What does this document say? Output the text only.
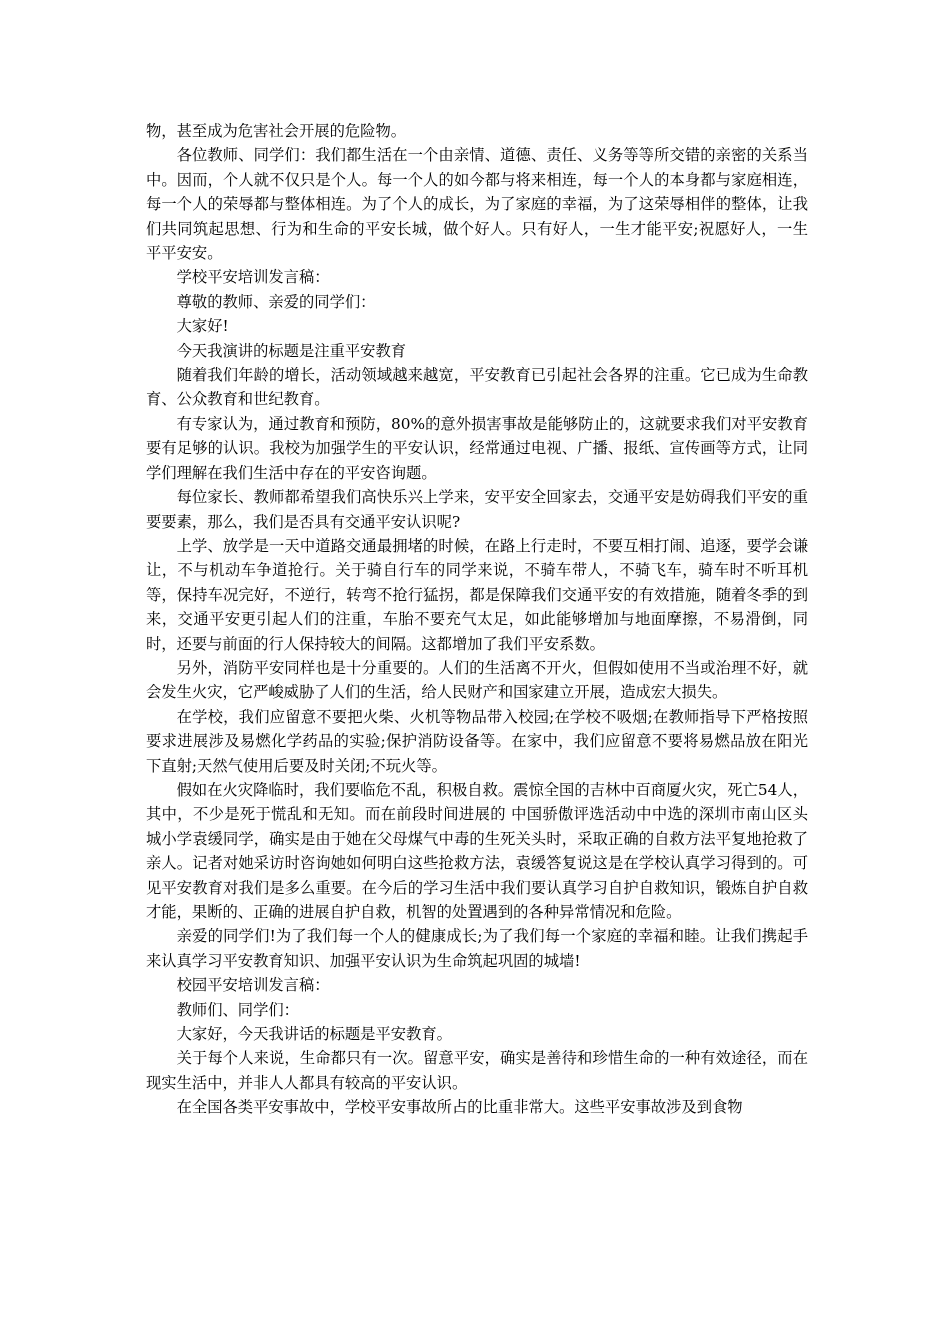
物，甚至成为危害社会开展的危险物。

各位教师、同学们：我们都生活在一个由亲情、道德、责任、义务等等所交错的亲密的关系当中。因而，个人就不仅只是个人。每一个人的如今都与将来相连，每一个人的本身都与家庭相连，每一个人的荣辱都与整体相连。为了个人的成长，为了家庭的幸福，为了这荣辱相伴的整体，让我们共同筑起思想、行为和生命的平安长城，做个好人。只有好人，一生才能平安;祝愿好人，一生平平安安。

学校平安培训发言稿：

尊敬的教师、亲爱的同学们：

大家好!

今天我演讲的标题是注重平安教育

随着我们年龄的增长，活动领域越来越宽，平安教育已引起社会各界的注重。它已成为生命教育、公众教育和世纪教育。

有专家认为，通过教育和预防，80%的意外损害事故是能够防止的，这就要求我们对平安教育要有足够的认识。我校为加强学生的平安认识，经常通过电视、广播、报纸、宣传画等方式，让同学们理解在我们生活中存在的平安咨询题。

每位家长、教师都希望我们高快乐兴上学来，安平安全回家去，交通平安是妨碍我们平安的重要要素，那么，我们是否具有交通平安认识呢?

上学、放学是一天中道路交通最拥堵的时候，在路上行走时，不要互相打闹、追逐，要学会谦让，不与机动车争道抢行。关于骑自行车的同学来说，不骑车带人，不骑飞车，骑车时不听耳机等，保持车况完好，不逆行，转弯不抢行猛拐，都是保障我们交通平安的有效措施，随着冬季的到来，交通平安更引起人们的注重，车胎不要充气太足，如此能够增加与地面摩擦，不易滑倒，同时，还要与前面的行人保持较大的间隔。这都增加了我们平安系数。

另外，消防平安同样也是十分重要的。人们的生活离不开火，但假如使用不当或治理不好，就会发生火灾，它严峻威胁了人们的生活，给人民财产和国家建立开展，造成宏大损失。

在学校，我们应留意不要把火柴、火机等物品带入校园;在学校不吸烟;在教师指导下严格按照要求进展涉及易燃化学药品的实验;保护消防设备等。在家中，我们应留意不要将易燃品放在阳光下直射;天然气使用后要及时关闭;不玩火等。

假如在火灾降临时，我们要临危不乱，积极自救。震惊全国的吉林中百商厦火灾，死亡54人，其中，不少是死于慌乱和无知。而在前段时间进展的 中国骄傲评选活动中中选的深圳市南山区头城小学袁缓同学，确实是由于她在父母煤气中毒的生死关头时，采取正确的自救方法平复地抢救了亲人。记者对她采访时咨询她如何明白这些抢救方法，袁缓答复说这是在学校认真学习得到的。可见平安教育对我们是多么重要。在今后的学习生活中我们要认真学习自护自救知识，锻炼自护自救才能，果断的、正确的进展自护自救，机智的处置遇到的各种异常情况和危险。

亲爱的同学们!为了我们每一个人的健康成长;为了我们每一个家庭的幸福和睦。让我们携起手来认真学习平安教育知识、加强平安认识为生命筑起巩固的城墙!

校园平安培训发言稿：

教师们、同学们：

大家好，今天我讲话的标题是平安教育。

关于每个人来说，生命都只有一次。留意平安，确实是善待和珍惜生命的一种有效途径，而在现实生活中，并非人人都具有较高的平安认识。

在全国各类平安事故中，学校平安事故所占的比重非常大。这些平安事故涉及到食物
